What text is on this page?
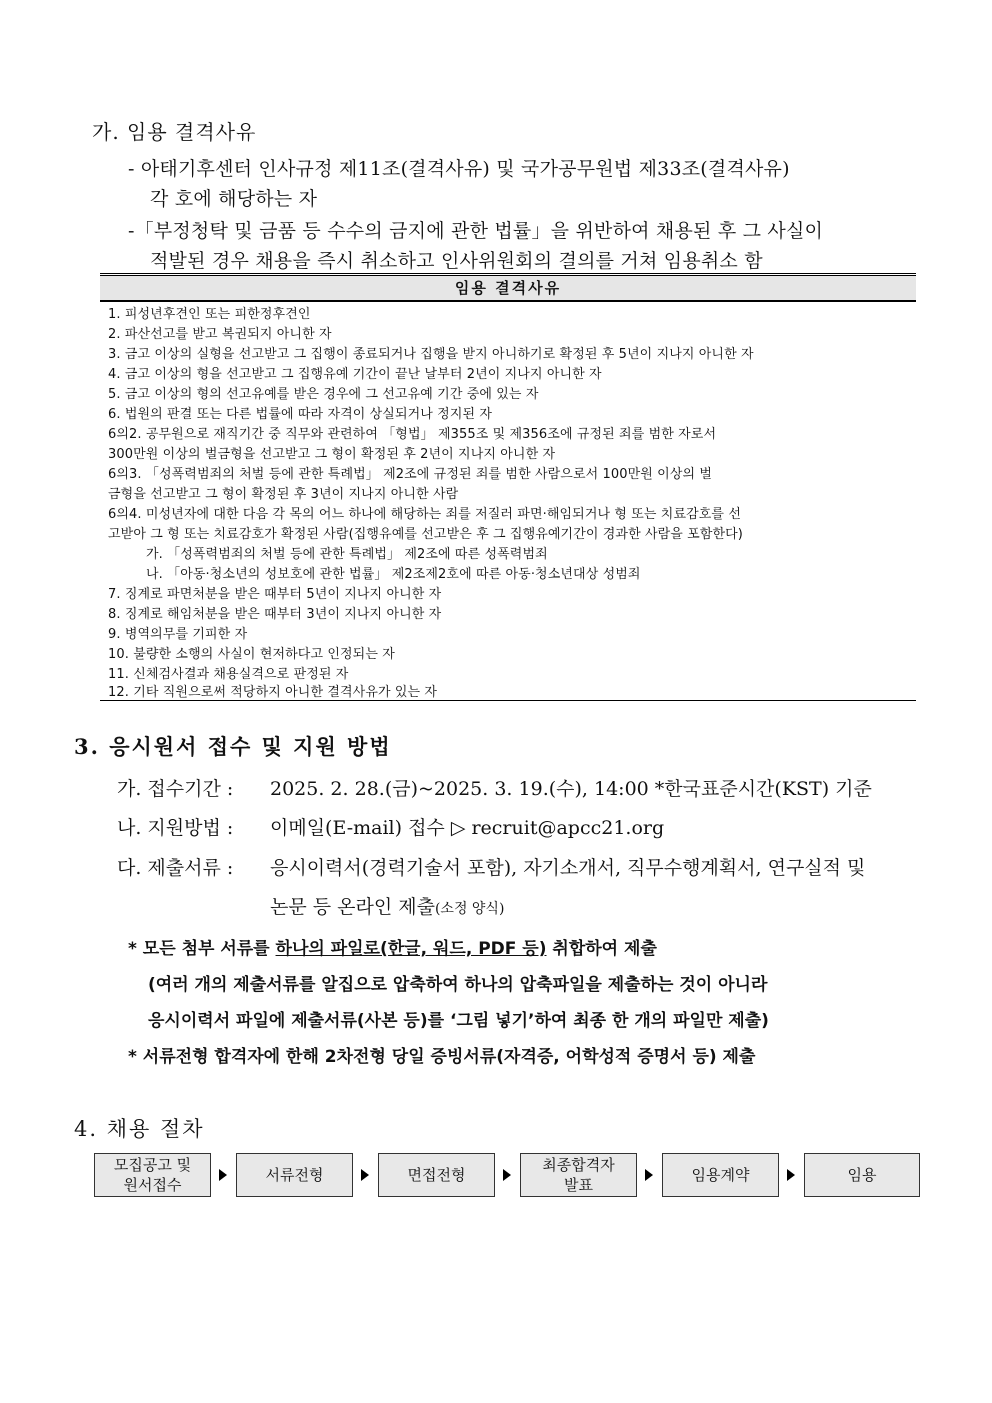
가. 임용 결격사유
- 아태기후센터 인사규정 제11조(결격사유) 및 국가공무원법 제33조(결격사유)
각 호에 해당하는 자
-「부정청탁 및 금품 등 수수의 금지에 관한 법률」을 위반하여 채용된 후 그 사실이
적발된 경우 채용을 즉시 취소하고 인사위원회의 결의를 거쳐 임용취소 함
임용 결격사유
1. 피성년후견인 또는 피한정후견인
2. 파산선고를 받고 복권되지 아니한 자
3. 금고 이상의 실형을 선고받고 그 집행이 종료되거나 집행을 받지 아니하기로 확정된 후 5년이 지나지 아니한 자
4. 금고 이상의 형을 선고받고 그 집행유예 기간이 끝난 날부터 2년이 지나지 아니한 자
5. 금고 이상의 형의 선고유예를 받은 경우에 그 선고유예 기간 중에 있는 자
6. 법원의 판결 또는 다른 법률에 따라 자격이 상실되거나 정지된 자
6의2. 공무원으로 재직기간 중 직무와 관련하여 「형법」 제355조 및 제356조에 규정된 죄를 범한 자로서
300만원 이상의 벌금형을 선고받고 그 형이 확정된 후 2년이 지나지 아니한 자
6의3. 「성폭력범죄의 처벌 등에 관한 특례법」 제2조에 규정된 죄를 범한 사람으로서 100만원 이상의 벌
금형을 선고받고 그 형이 확정된 후 3년이 지나지 아니한 사람
6의4. 미성년자에 대한 다음 각 목의 어느 하나에 해당하는 죄를 저질러 파면·해임되거나 형 또는 치료감호를 선
고받아 그 형 또는 치료감호가 확정된 사람(집행유예를 선고받은 후 그 집행유예기간이 경과한 사람을 포함한다)
가. 「성폭력범죄의 처벌 등에 관한 특례법」 제2조에 따른 성폭력범죄
나. 「아동·청소년의 성보호에 관한 법률」 제2조제2호에 따른 아동·청소년대상 성범죄
7. 징계로 파면처분을 받은 때부터 5년이 지나지 아니한 자
8. 징계로 해임처분을 받은 때부터 3년이 지나지 아니한 자
9. 병역의무를 기피한 자
10. 불량한 소행의 사실이 현저하다고 인정되는 자
11. 신체검사결과 채용실격으로 판정된 자
12. 기타 직원으로써 적당하지 아니한 결격사유가 있는 자
3. 응시원서 접수 및 지원 방법
가. 접수기간 : 2025. 2. 28.(금)~2025. 3. 19.(수), 14:00 *한국표준시간(KST) 기준
나. 지원방법 : 이메일(E-mail) 접수 ▷ recruit@apcc21.org
다. 제출서류 : 응시이력서(경력기술서 포함), 자기소개서, 직무수행계획서, 연구실적 및
논문 등 온라인 제출(소정 양식)
* 모든 첨부 서류를 하나의 파일로(한글, 워드, PDF 등) 취합하여 제출
(여러 개의 제출서류를 알집으로 압축하여 하나의 압축파일을 제출하는 것이 아니라
응시이력서 파일에 제출서류(사본 등)를 ‘그림 넣기’하여 최종 한 개의 파일만 제출)
* 서류전형 합격자에 한해 2차전형 당일 증빙서류(자격증, 어학성적 증명서 등) 제출
4. 채용 절차
모집공고 및
원서접수
서류전형	면접전형
최종합격자
발표
임용계약	임용
